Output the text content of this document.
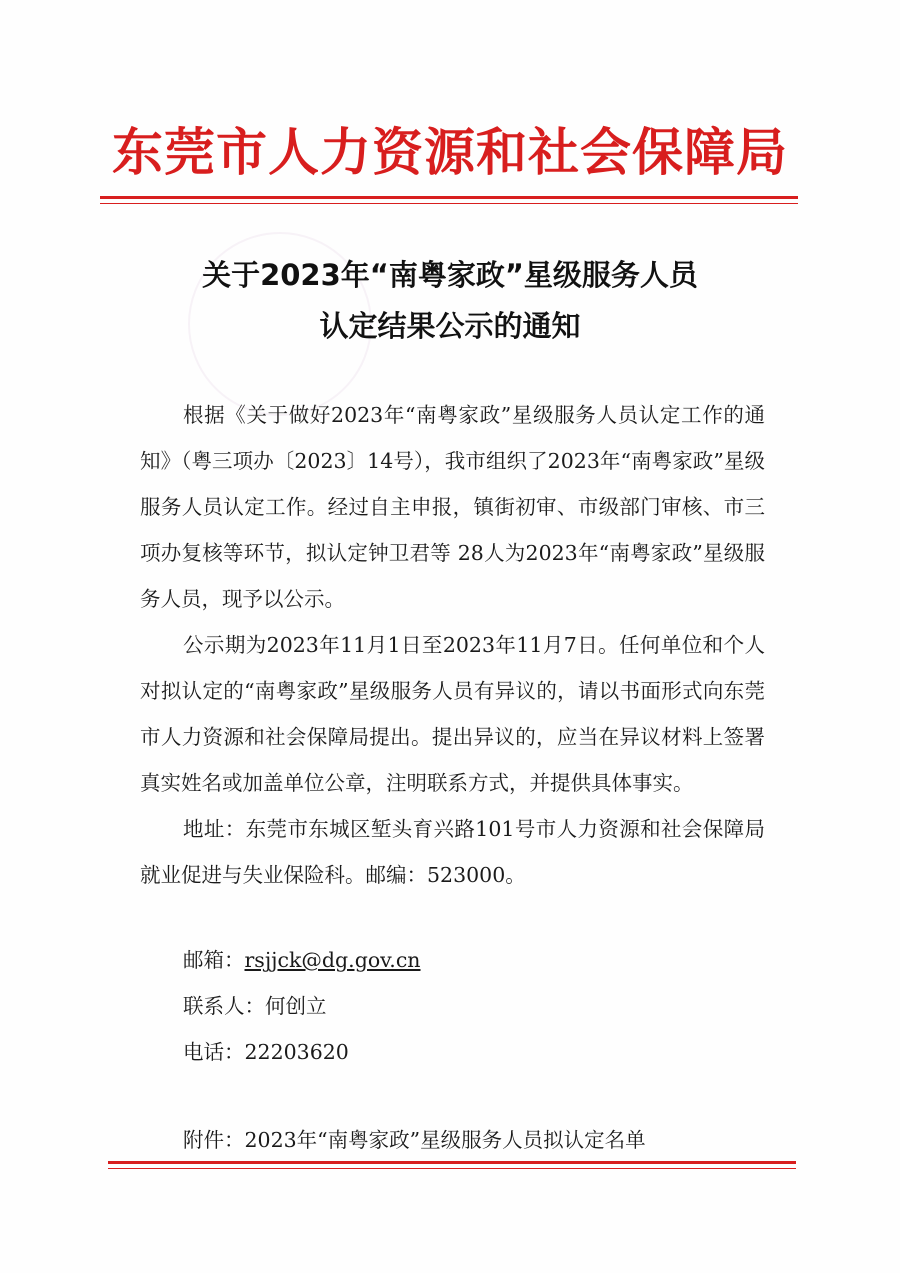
东莞市人力资源和社会保障局
关于2023年“南粤家政”星级服务人员
认定结果公示的通知

根据《关于做好2023年“南粤家政”星级服务人员认定工作的通知》（粤三项办〔2023〕14号），我市组织了2023年“南粤家政”星级服务人员认定工作。经过自主申报，镇街初审、市级部门审核、市三项办复核等环节，拟认定钟卫君等 28人为2023年“南粤家政”星级服务人员，现予以公示。

公示期为2023年11月1日至2023年11月7日。任何单位和个人对拟认定的“南粤家政”星级服务人员有异议的，请以书面形式向东莞市人力资源和社会保障局提出。提出异议的，应当在异议材料上签署真实姓名或加盖单位公章，注明联系方式，并提供具体事实。

地址：东莞市东城区堑头育兴路101号市人力资源和社会保障局就业促进与失业保险科。邮编：523000。

邮箱：rsjjck@dg.gov.cn
联系人：何创立
电话：22203620
附件：2023年“南粤家政”星级服务人员拟认定名单
